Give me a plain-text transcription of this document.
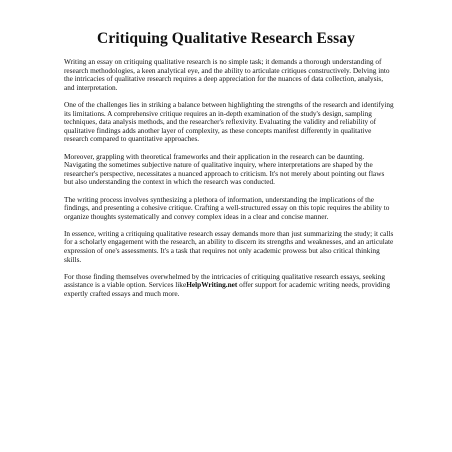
Critiquing Qualitative Research Essay

Writing an essay on critiquing qualitative research is no simple task; it demands a thorough understanding of research methodologies, a keen analytical eye, and the ability to articulate critiques constructively. Delving into the intricacies of qualitative research requires a deep appreciation for the nuances of data collection, analysis, and interpretation.

One of the challenges lies in striking a balance between highlighting the strengths of the research and identifying its limitations. A comprehensive critique requires an in-depth examination of the study's design, sampling techniques, data analysis methods, and the researcher's reflexivity. Evaluating the validity and reliability of qualitative findings adds another layer of complexity, as these concepts manifest differently in qualitative research compared to quantitative approaches.

Moreover, grappling with theoretical frameworks and their application in the research can be daunting. Navigating the sometimes subjective nature of qualitative inquiry, where interpretations are shaped by the researcher's perspective, necessitates a nuanced approach to criticism. It's not merely about pointing out flaws but also understanding the context in which the research was conducted.

The writing process involves synthesizing a plethora of information, understanding the implications of the findings, and presenting a cohesive critique. Crafting a well-structured essay on this topic requires the ability to organize thoughts systematically and convey complex ideas in a clear and concise manner.

In essence, writing a critiquing qualitative research essay demands more than just summarizing the study; it calls for a scholarly engagement with the research, an ability to discern its strengths and weaknesses, and an articulate expression of one's assessments. It's a task that requires not only academic prowess but also critical thinking skills.

For those finding themselves overwhelmed by the intricacies of critiquing qualitative research essays, seeking assistance is a viable option. Services likeHelpWriting.net offer support for academic writing needs, providing expertly crafted essays and much more.
